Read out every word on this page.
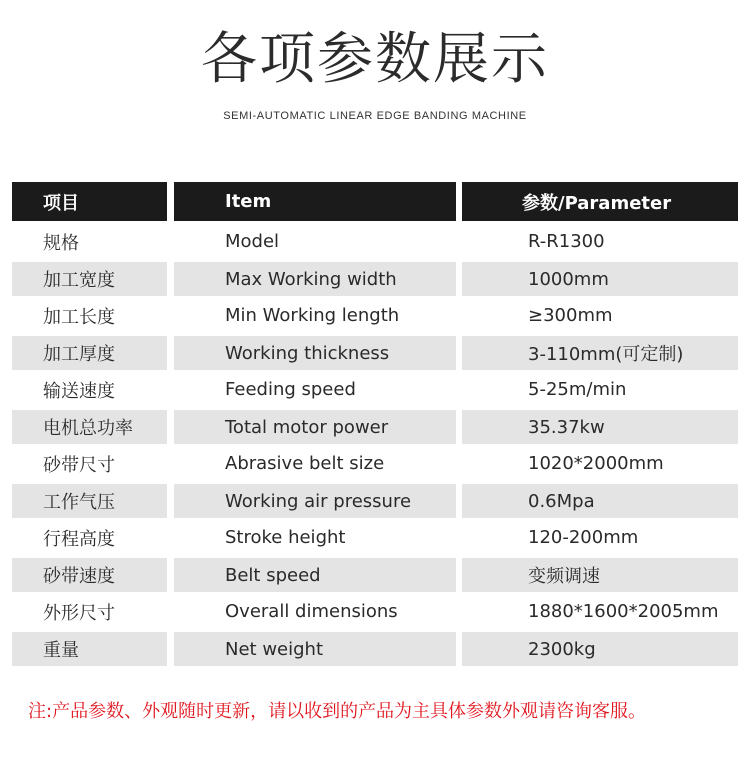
各项参数展示
SEMI-AUTOMATIC LINEAR EDGE BANDING MACHINE
项目	Item	参数/Parameter
规格	Model	R-R1300
加工宽度	Max Working width	1000mm
加工长度	Min Working length	≥300mm
加工厚度	Working thickness	3-110mm(可定制)
输送速度	Feeding speed	5-25m/min
电机总功率	Total motor power	35.37kw
砂带尺寸	Abrasive belt size	1020*2000mm
工作气压	Working air pressure	0.6Mpa
行程高度	Stroke height	120-200mm
砂带速度	Belt speed	变频调速
外形尺寸	Overall dimensions	1880*1600*2005mm
重量	Net weight	2300kg
注:产品参数、外观随时更新，请以收到的产品为主具体参数外观请咨询客服。
